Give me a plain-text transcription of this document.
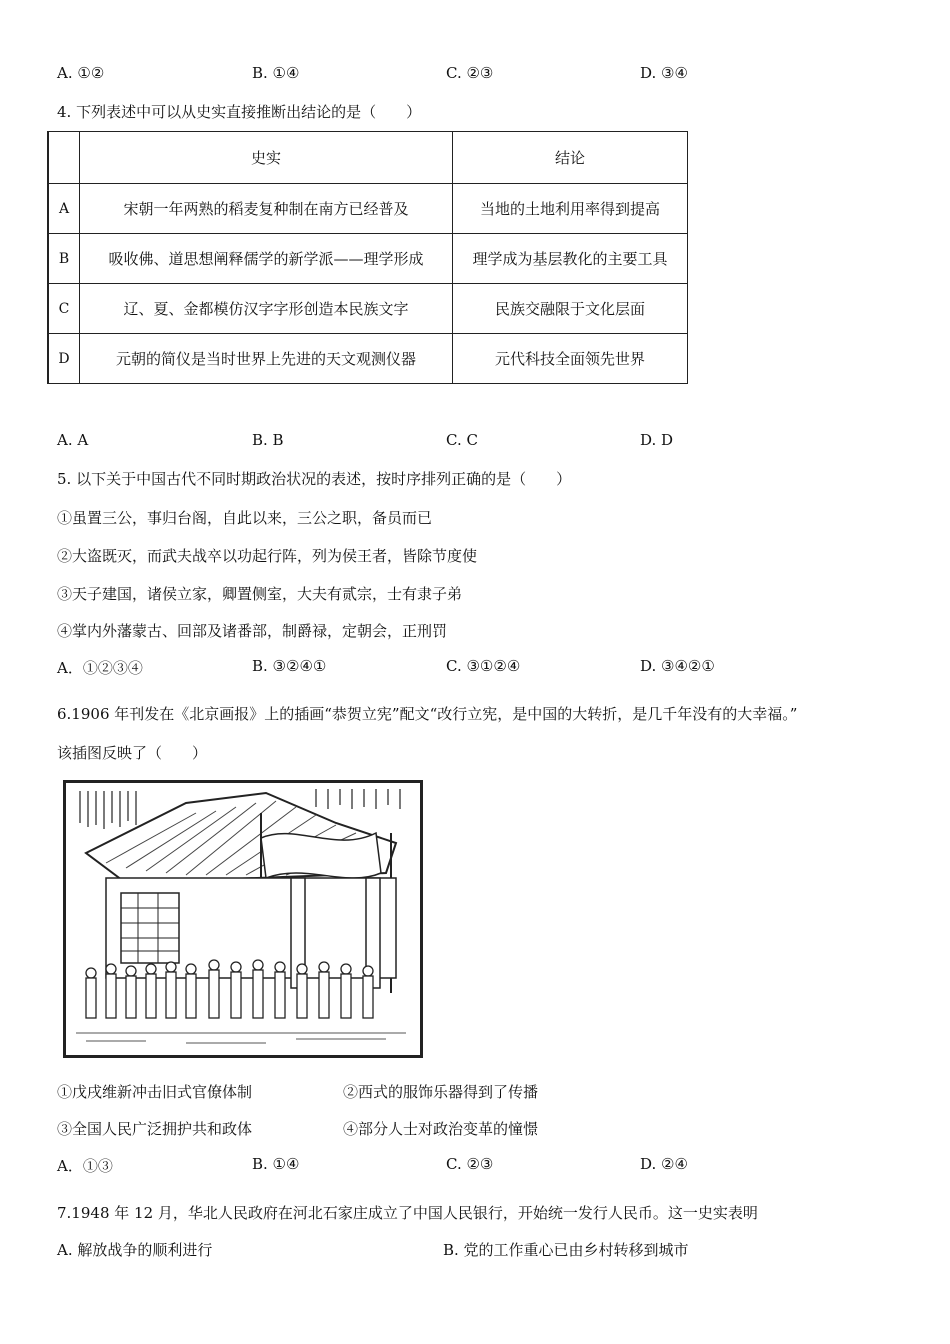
A. ①②	B. ①④	C. ②③	D. ③④
4. 下列表述中可以从史实直接推断出结论的是（　　）
	史实	结论
A	宋朝一年两熟的稻麦复种制在南方已经普及	当地的土地利用率得到提高
B	吸收佛、道思想阐释儒学的新学派——理学形成	理学成为基层教化的主要工具
C	辽、夏、金都模仿汉字字形创造本民族文字	民族交融限于文化层面
D	元朝的简仪是当时世界上先进的天文观测仪器	元代科技全面领先世界
A. A	B. B	C. C	D. D
5. 以下关于中国古代不同时期政治状况的表述，按时序排列正确的是（　　）
①虽置三公，事归台阁，自此以来，三公之职，备员而已
②大盗既灭，而武夫战卒以功起行阵，列为侯王者，皆除节度使
③天子建国，诸侯立家，卿置侧室，大夫有贰宗，士有隶子弟
④掌内外藩蒙古、回部及诸番部，制爵禄，定朝会，正刑罚
A．①②③④	B. ③②④①	C. ③①②④	D. ③④②①
6.1906 年刊发在《北京画报》上的插画“恭贺立宪”配文“改行立宪，是中国的大转折，是几千年没有的大幸福。”
该插图反映了（　　）
①戊戌维新冲击旧式官僚体制	②西式的服饰乐器得到了传播
③全国人民广泛拥护共和政体	④部分人士对政治变革的憧憬
A．①③	B. ①④	C. ②③	D. ②④
7.1948 年 12 月，华北人民政府在河北石家庄成立了中国人民银行，开始统一发行人民币。这一史实表明
A. 解放战争的顺利进行	B. 党的工作重心已由乡村转移到城市
